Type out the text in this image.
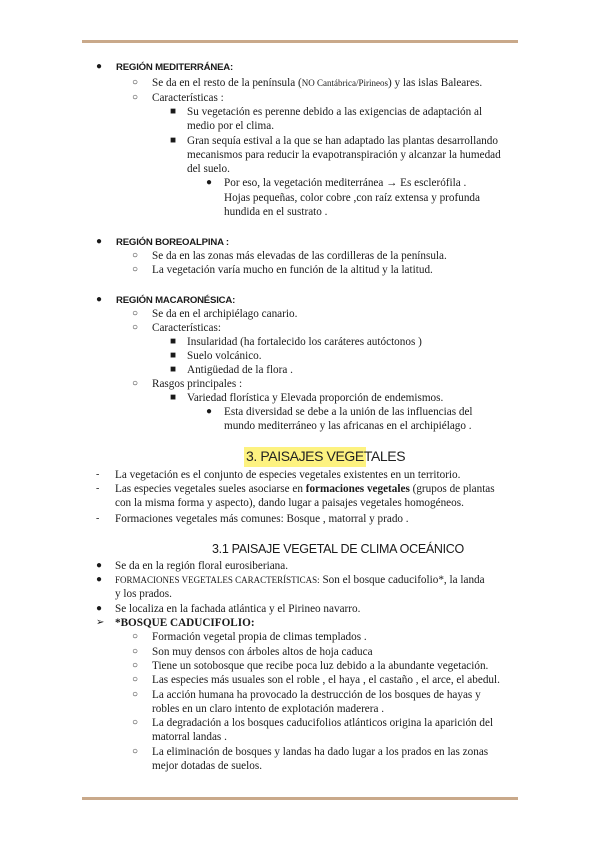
● REGIÓN MEDITERRÁNEA:
○ Se da en el resto de la península (NO Cantábrica/Pirineos) y las islas Baleares.
○ Características :
■ Su vegetación es perenne debido a las exigencias de adaptación al
medio por el clima.
■ Gran sequía estival a la que se han adaptado las plantas desarrollando
mecanismos para reducir la evapotranspiración y alcanzar la humedad
del suelo.
● Por eso, la vegetación mediterránea → Es esclerófila .
Hojas pequeñas, color cobre ,con raíz extensa y profunda
hundida en el sustrato .
● REGIÓN BOREOALPINA :
○ Se da en las zonas más elevadas de las cordilleras de la península.
○ La vegetación varía mucho en función de la altitud y la latitud.
● REGIÓN MACARONÉSICA:
○ Se da en el archipiélago canario.
○ Características:
■ Insularidad (ha fortalecido los caráteres autóctonos )
■ Suelo volcánico.
■ Antigüedad de la flora .
○ Rasgos principales :
■ Variedad florística y Elevada proporción de endemismos.
● Esta diversidad se debe a la unión de las influencias del
mundo mediterráneo y las africanas en el archipiélago .
3. PAISAJES VEGETALES
- La vegetación es el conjunto de especies vegetales existentes en un territorio.
- Las especies vegetales sueles asociarse en formaciones vegetales (grupos de plantas
con la misma forma y aspecto), dando lugar a paisajes vegetales homogéneos.
- Formaciones vegetales más comunes: Bosque , matorral y prado .
3.1 PAISAJE VEGETAL DE CLIMA OCEÁNICO
● Se da en la región floral eurosiberiana.
● FORMACIONES VEGETALES CARACTERÍSTICAS: Son el bosque caducifolio*, la landa
y los prados.
● Se localiza en la fachada atlántica y el Pirineo navarro.
➢ *BOSQUE CADUCIFOLIO:
○ Formación vegetal propia de climas templados .
○ Son muy densos con árboles altos de hoja caduca
○ Tiene un sotobosque que recibe poca luz debido a la abundante vegetación.
○ Las especies más usuales son el roble , el haya , el castaño , el arce, el abedul.
○ La acción humana ha provocado la destrucción de los bosques de hayas y
robles en un claro intento de explotación maderera .
○ La degradación a los bosques caducifolios atlánticos origina la aparición del
matorral landas .
○ La eliminación de bosques y landas ha dado lugar a los prados en las zonas
mejor dotadas de suelos.
